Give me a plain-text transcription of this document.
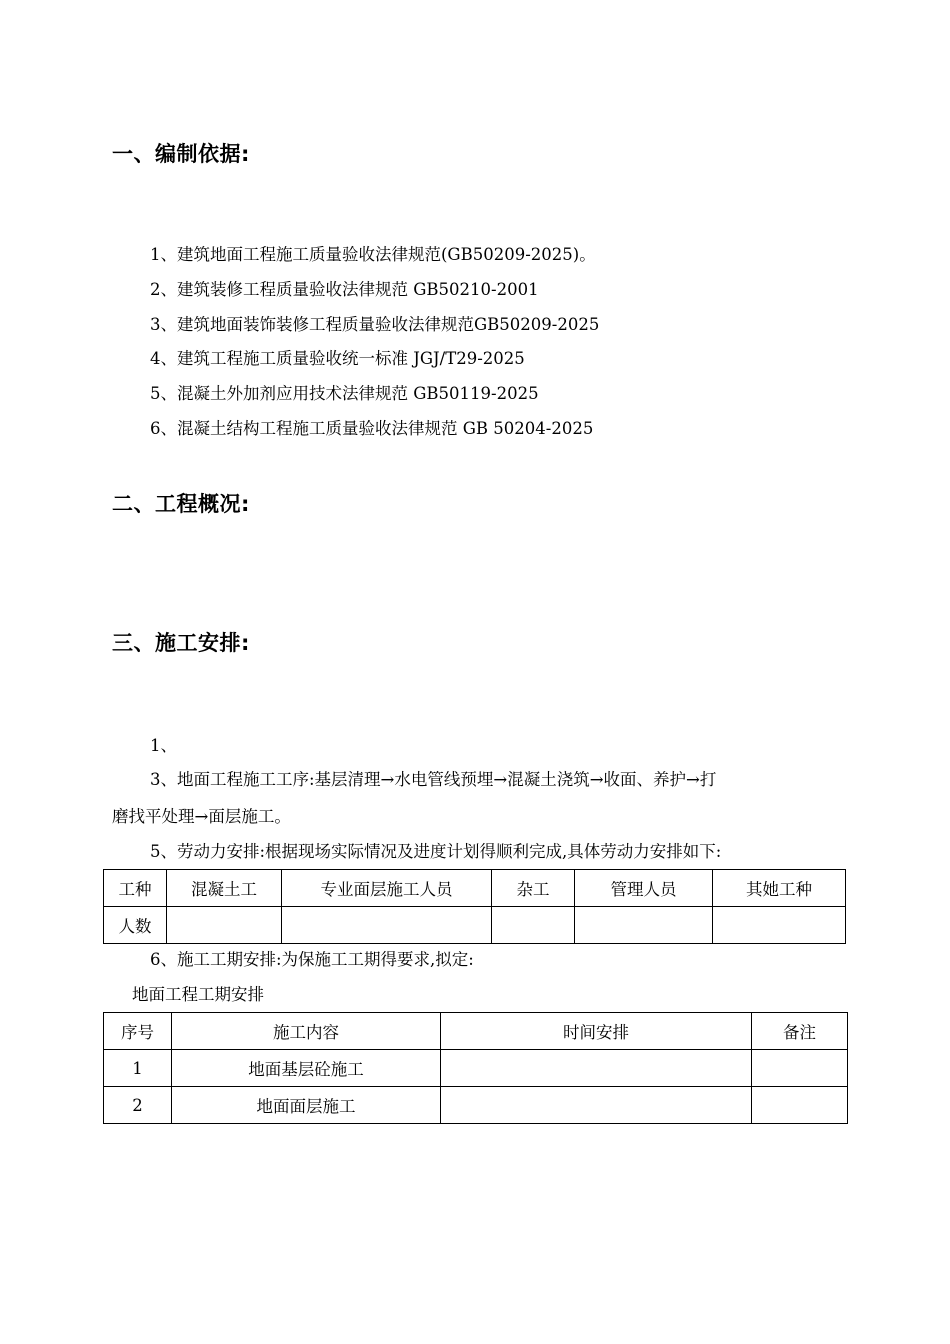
一、编制依据:
1、建筑地面工程施工质量验收法律规范(GB50209-2025)。
2、建筑装修工程质量验收法律规范 GB50210-2001
3、建筑地面装饰装修工程质量验收法律规范GB50209-2025
4、建筑工程施工质量验收统一标准 JGJ/T29-2025
5、混凝土外加剂应用技术法律规范 GB50119-2025
6、混凝土结构工程施工质量验收法律规范 GB 50204-2025
二、工程概况:
三、施工安排:
1、
3、地面工程施工工序:基层清理→水电管线预埋→混凝土浇筑→收面、养护→打
磨找平处理→面层施工。
5、劳动力安排:根据现场实际情况及进度计划得顺利完成,具体劳动力安排如下:
工种	混凝土工	专业面层施工人员	杂工	管理人员	其她工种
人数					
6、施工工期安排:为保施工工期得要求,拟定:
地面工程工期安排
序号	施工内容	时间安排	备注
1	地面基层砼施工		
2	地面面层施工		
